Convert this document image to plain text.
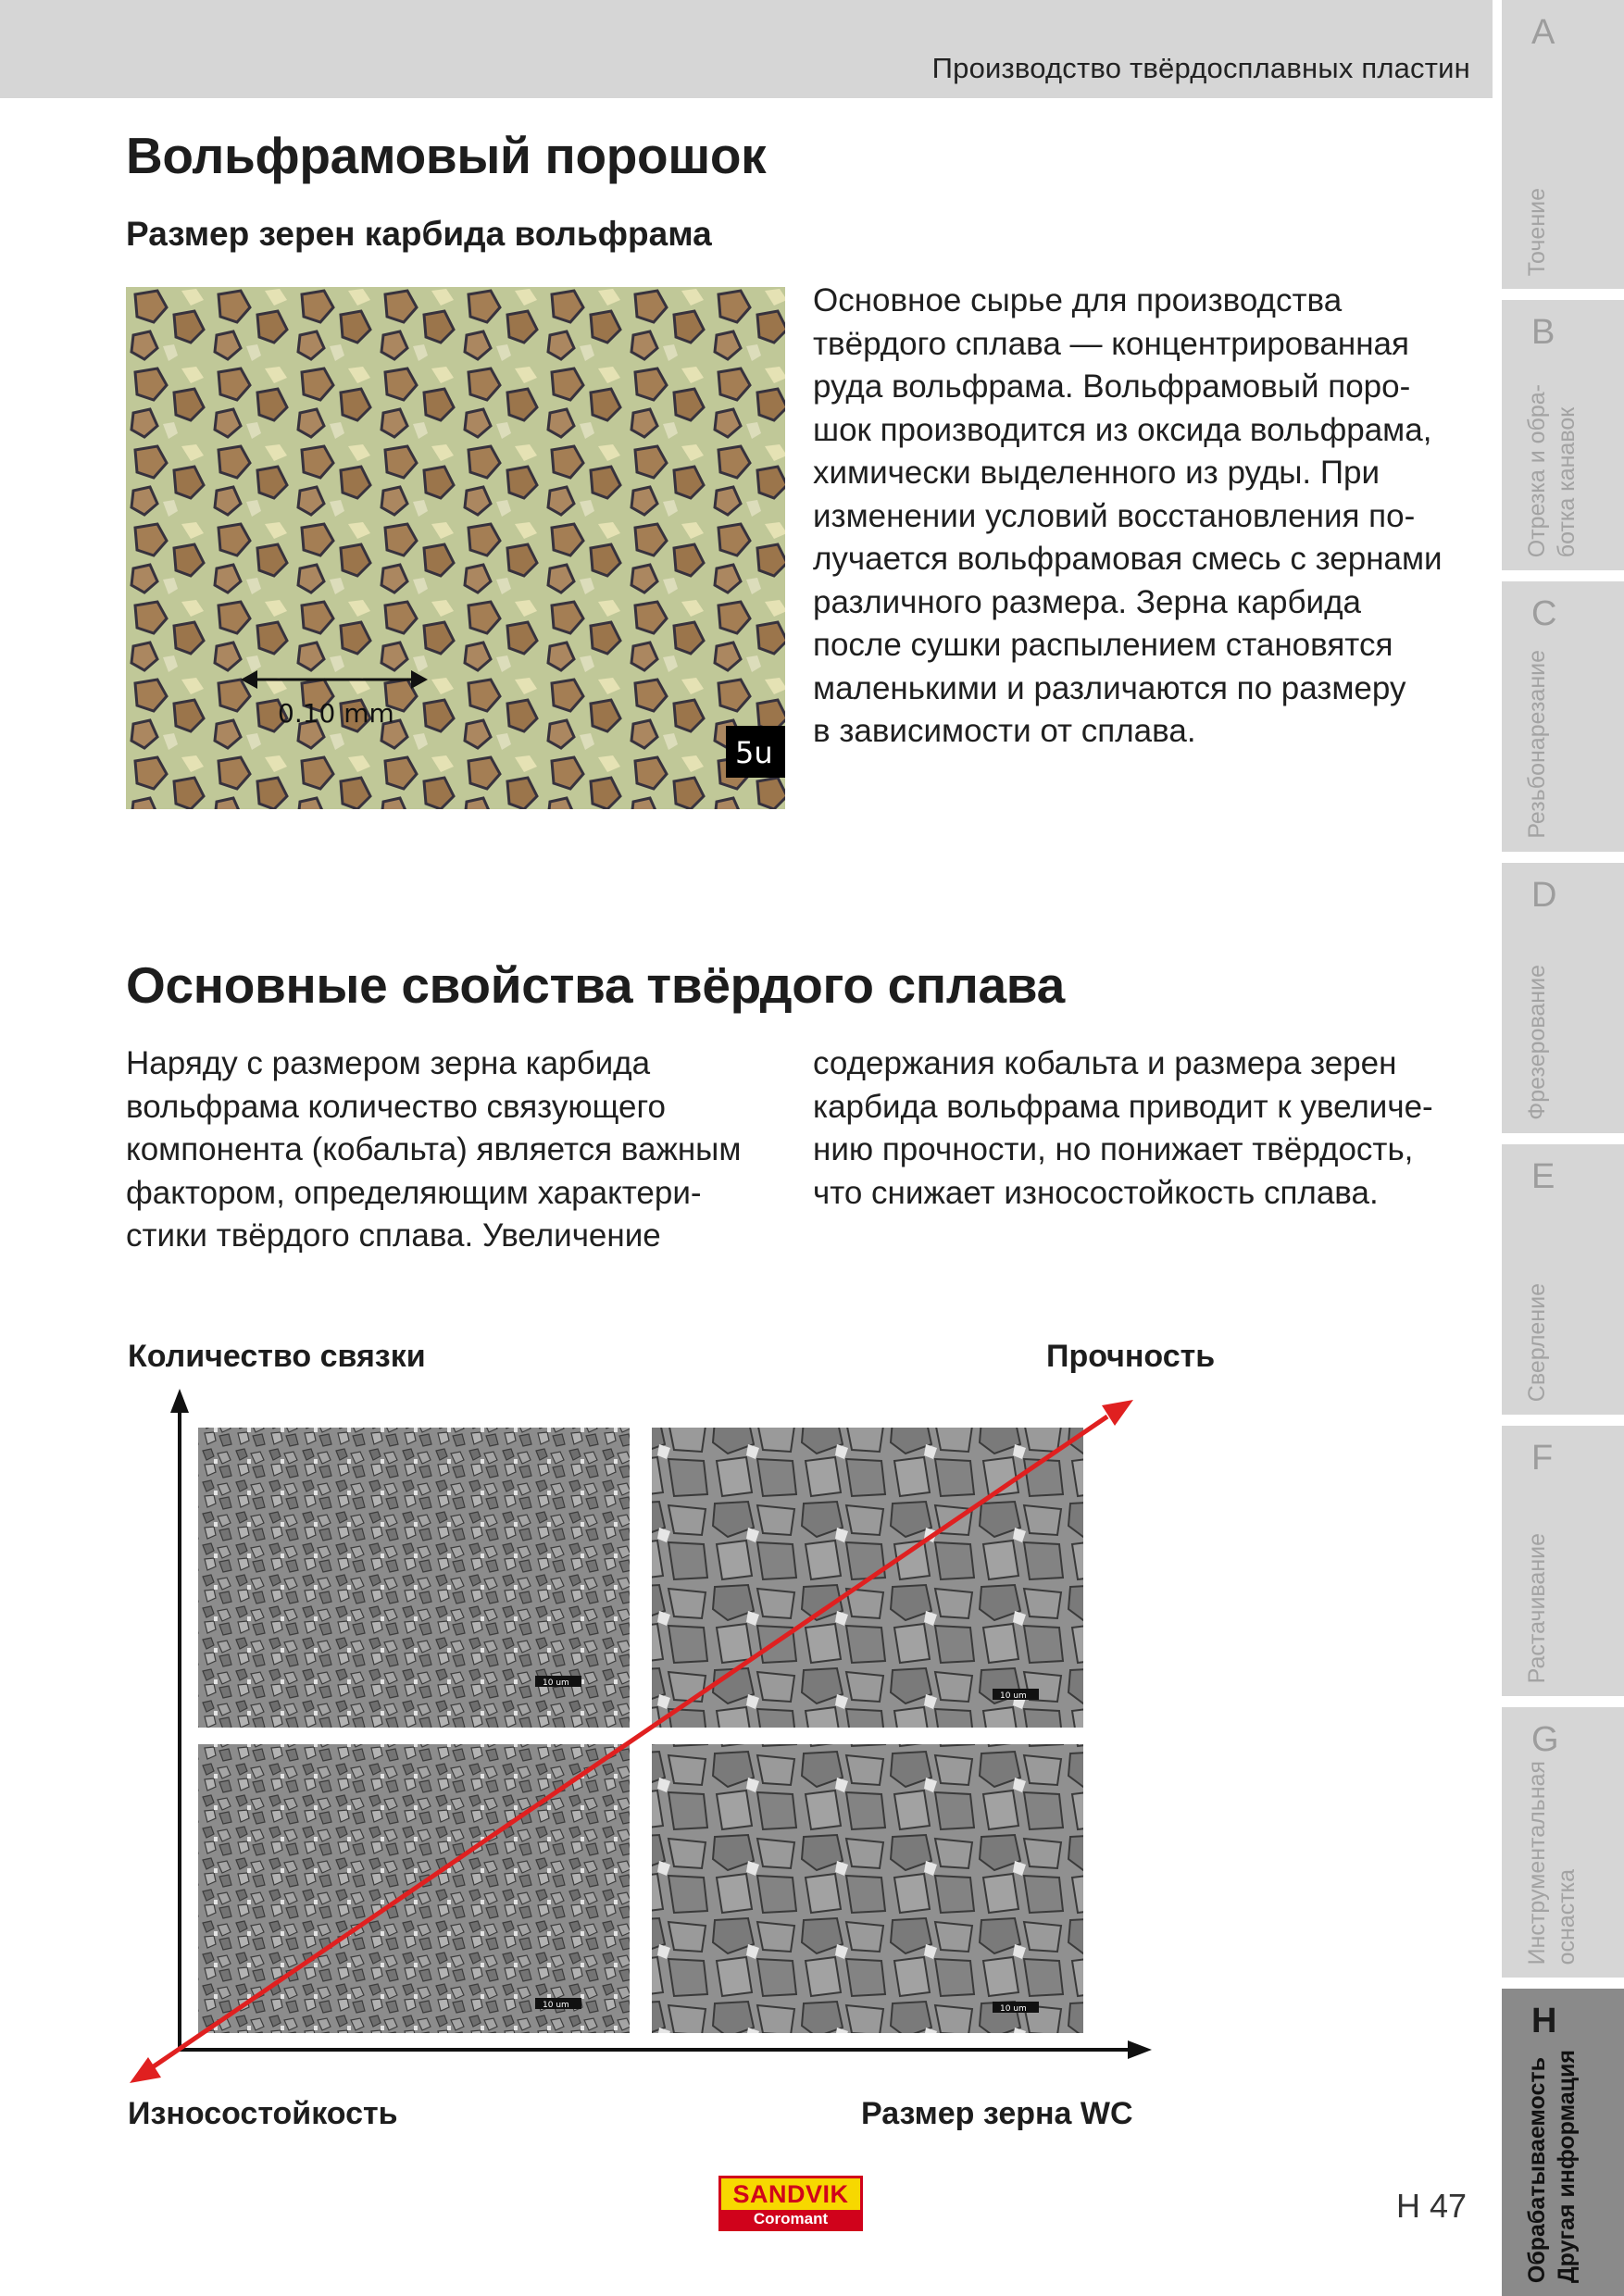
Производство твёрдосплавных пластин
Вольфрамовый порошок
Размер зерен карбида вольфрама
0.10 mm
5u
Основное сырье для производства
твёрдого сплава — концентрированная
руда вольфрама. Вольфрамовый поро-
шок производится из оксида вольфрама,
химически выделенного из руды. При
изменении условий восстановления по-
лучается вольфрамовая смесь с зернами
различного размера. Зерна карбида
после сушки распылением становятся
маленькими и различаются по размеру
в зависимости от сплава.
Основные свойства твёрдого сплава
Наряду с размером зерна карбида
вольфрама количество связующего
компонента (кобальта) является важным
фактором, определяющим характери-
стики твёрдого сплава. Увеличение
содержания кобальта и размера зерен
карбида вольфрама приводит к увеличе-
нию прочности, но понижает твёрдость,
что снижает износостойкость сплава.
Количество связки	Прочность
Износостойкость	Размер зерна WC
10 um
10 um
10 um	10 um
A
Точение
B
Отрезка и обра- ботка канавок
C
Резьбонарезание
D
Фрезерование
E
Сверление
F
Растачивание
G
Инструментальная оснастка
H
Обрабатываемость Другая информация
SANDVIK
Coromant	H 47
